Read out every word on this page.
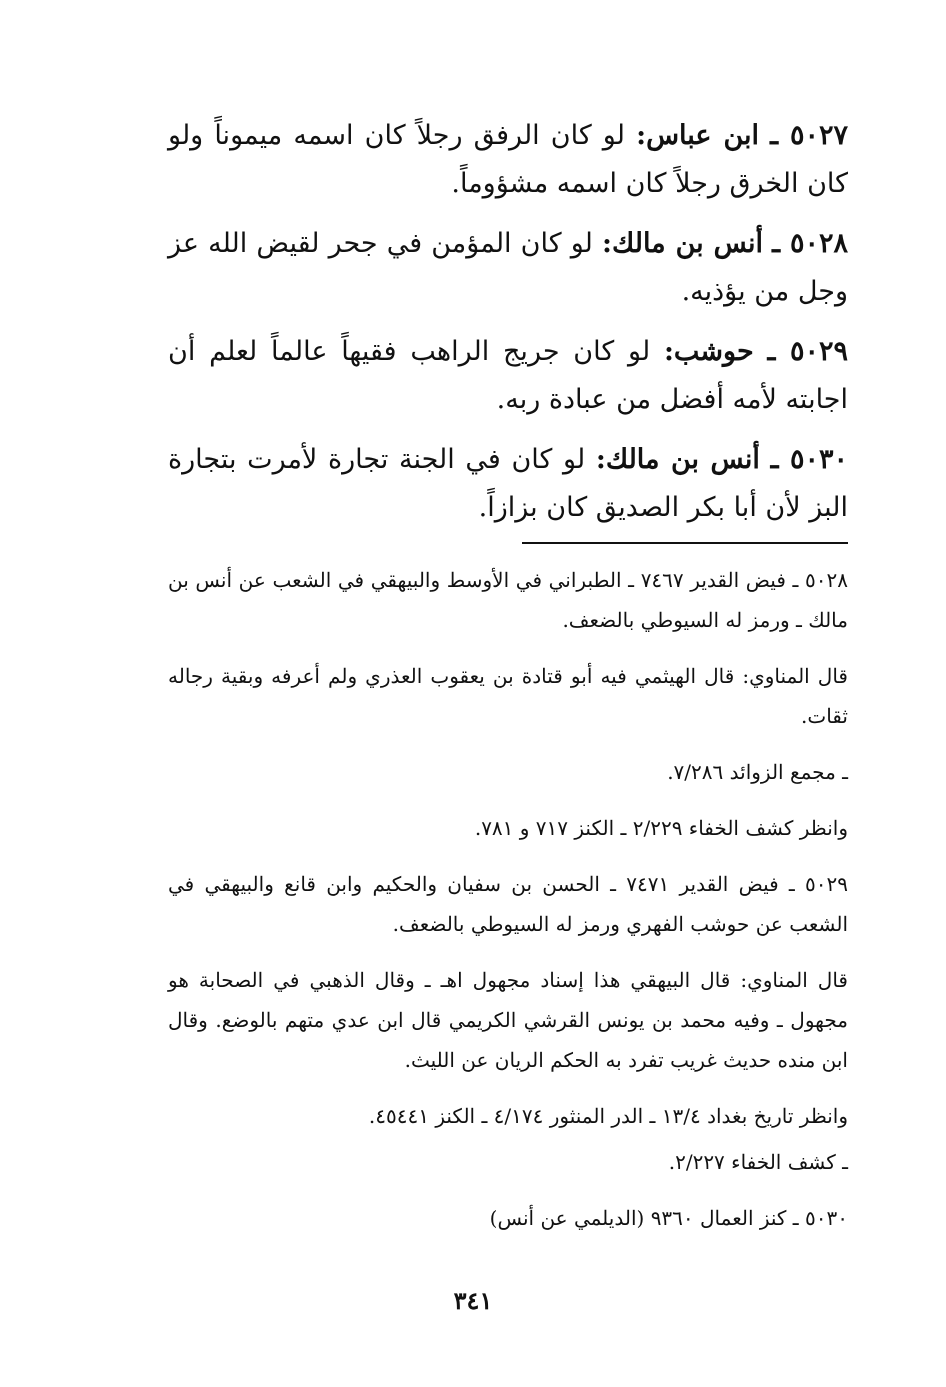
٥٠٢٧ ـ ابن عباس: لو كان الرفق رجلاً كان اسمه ميموناً ولو كان الخرق رجلاً كان اسمه مشؤوماً.

٥٠٢٨ ـ أنس بن مالك: لو كان المؤمن في جحر لقيض الله عز وجل من يؤذيه.

٥٠٢٩ ـ حوشب: لو كان جريج الراهب فقيهاً عالماً لعلم أن اجابته لأمه أفضل من عبادة ربه.

٥٠٣٠ ـ أنس بن مالك: لو كان في الجنة تجارة لأمرت بتجارة البز لأن أبا بكر الصديق كان بزازاً.

٥٠٢٨ ـ فيض القدير ٧٤٦٧ ـ الطبراني في الأوسط والبيهقي في الشعب عن أنس بن مالك ـ ورمز له السيوطي بالضعف.

قال المناوي: قال الهيثمي فيه أبو قتادة بن يعقوب العذري ولم أعرفه وبقية رجاله ثقات.

ـ مجمع الزوائد ٧/٢٨٦.

وانظر كشف الخفاء ٢/٢٢٩ ـ الكنز ٧١٧ و ٧٨١.

٥٠٢٩ ـ فيض القدير ٧٤٧١ ـ الحسن بن سفيان والحكيم وابن قانع والبيهقي في الشعب عن حوشب الفهري ورمز له السيوطي بالضعف.

قال المناوي: قال البيهقي هذا إسناد مجهول اهـ ـ وقال الذهبي في الصحابة هو مجهول ـ وفيه محمد بن يونس القرشي الكريمي قال ابن عدي متهم بالوضع. وقال ابن منده حديث غريب تفرد به الحكم الريان عن الليث.

وانظر تاريخ بغداد ١٣/٤ ـ الدر المنثور ٤/١٧٤ ـ الكنز ٤٥٤٤١.

ـ كشف الخفاء ٢/٢٢٧.

٥٠٣٠ ـ كنز العمال ٩٣٦٠ (الديلمي عن أنس)

٣٤١
